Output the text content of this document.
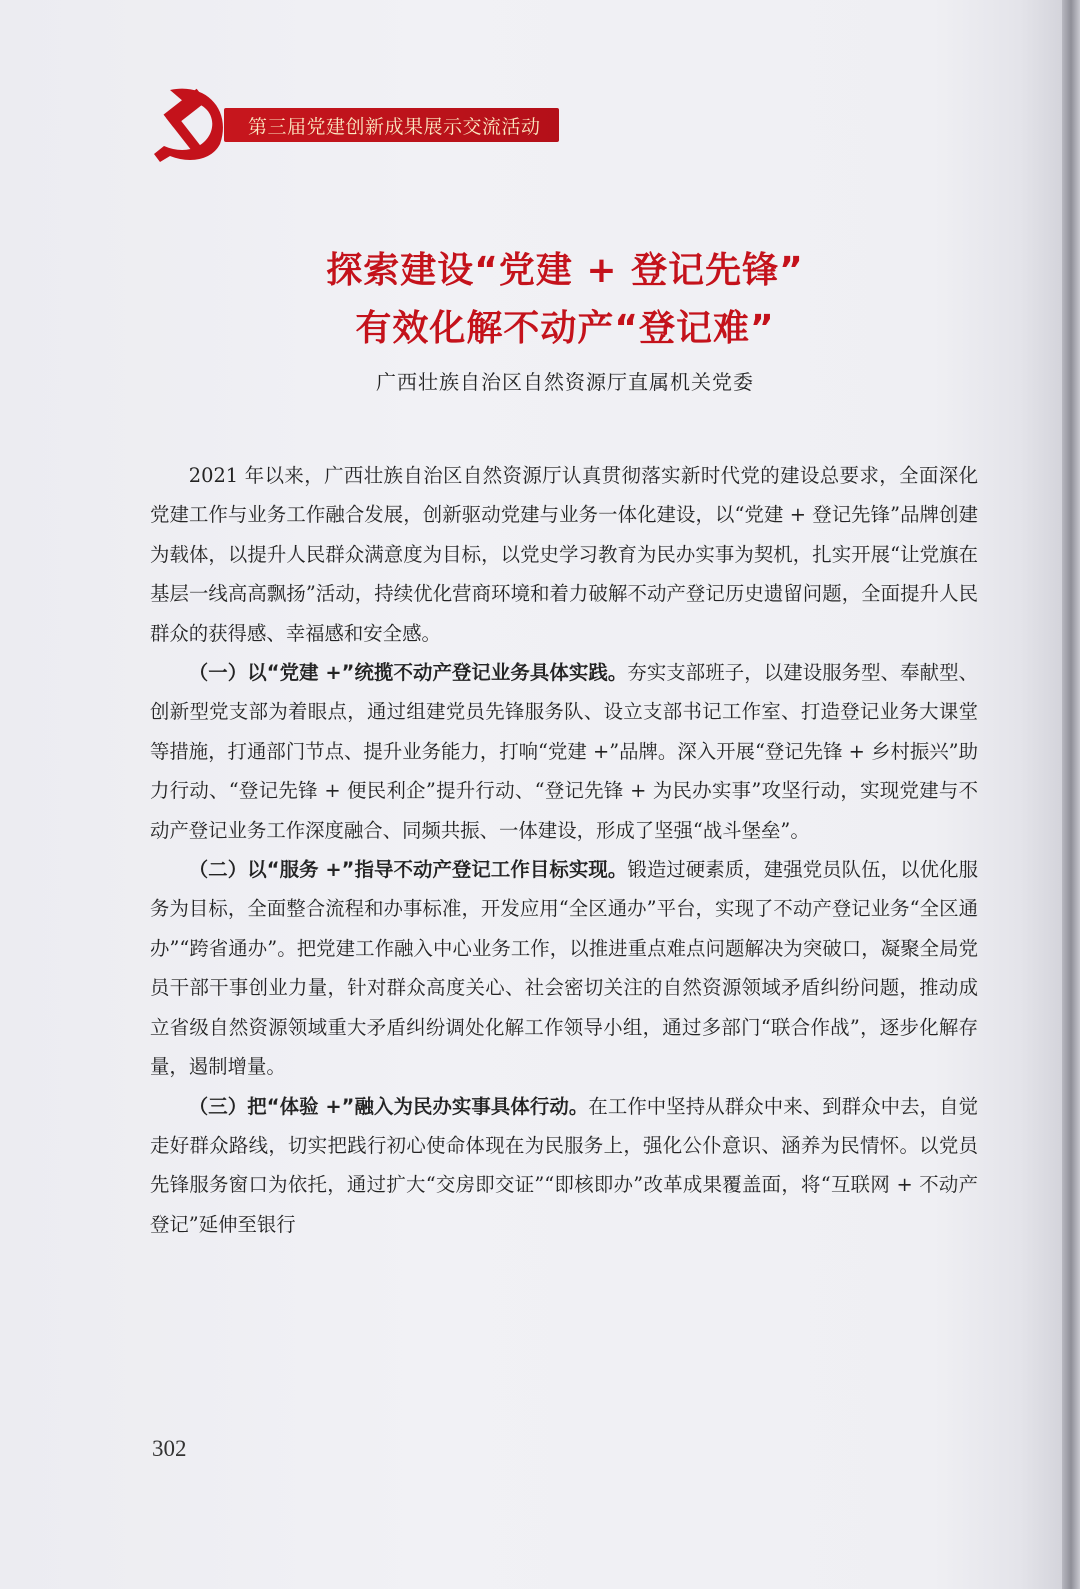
第三届党建创新成果展示交流活动
探索建设“党建 + 登记先锋”
有效化解不动产“登记难”
广西壮族自治区自然资源厅直属机关党委

2021 年以来，广西壮族自治区自然资源厅认真贯彻落实新时代党的建设总要求，全面深化党建工作与业务工作融合发展，创新驱动党建与业务一体化建设，以“党建 + 登记先锋”品牌创建为载体，以提升人民群众满意度为目标，以党史学习教育为民办实事为契机，扎实开展“让党旗在基层一线高高飘扬”活动，持续优化营商环境和着力破解不动产登记历史遗留问题，全面提升人民群众的获得感、幸福感和安全感。

（一）以“党建 +”统揽不动产登记业务具体实践。夯实支部班子，以建设服务型、奉献型、创新型党支部为着眼点，通过组建党员先锋服务队、设立支部书记工作室、打造登记业务大课堂等措施，打通部门节点、提升业务能力，打响“党建 +”品牌。深入开展“登记先锋 + 乡村振兴”助力行动、“登记先锋 + 便民利企”提升行动、“登记先锋 + 为民办实事”攻坚行动，实现党建与不动产登记业务工作深度融合、同频共振、一体建设，形成了坚强“战斗堡垒”。

（二）以“服务 +”指导不动产登记工作目标实现。锻造过硬素质，建强党员队伍，以优化服务为目标，全面整合流程和办事标准，开发应用“全区通办”平台，实现了不动产登记业务“全区通办”“跨省通办”。把党建工作融入中心业务工作，以推进重点难点问题解决为突破口，凝聚全局党员干部干事创业力量，针对群众高度关心、社会密切关注的自然资源领域矛盾纠纷问题，推动成立省级自然资源领域重大矛盾纠纷调处化解工作领导小组，通过多部门“联合作战”，逐步化解存量，遏制增量。

（三）把“体验 +”融入为民办实事具体行动。在工作中坚持从群众中来、到群众中去，自觉走好群众路线，切实把践行初心使命体现在为民服务上，强化公仆意识、涵养为民情怀。以党员先锋服务窗口为依托，通过扩大“交房即交证”“即核即办”改革成果覆盖面，将“互联网 + 不动产登记”延伸至银行

302
